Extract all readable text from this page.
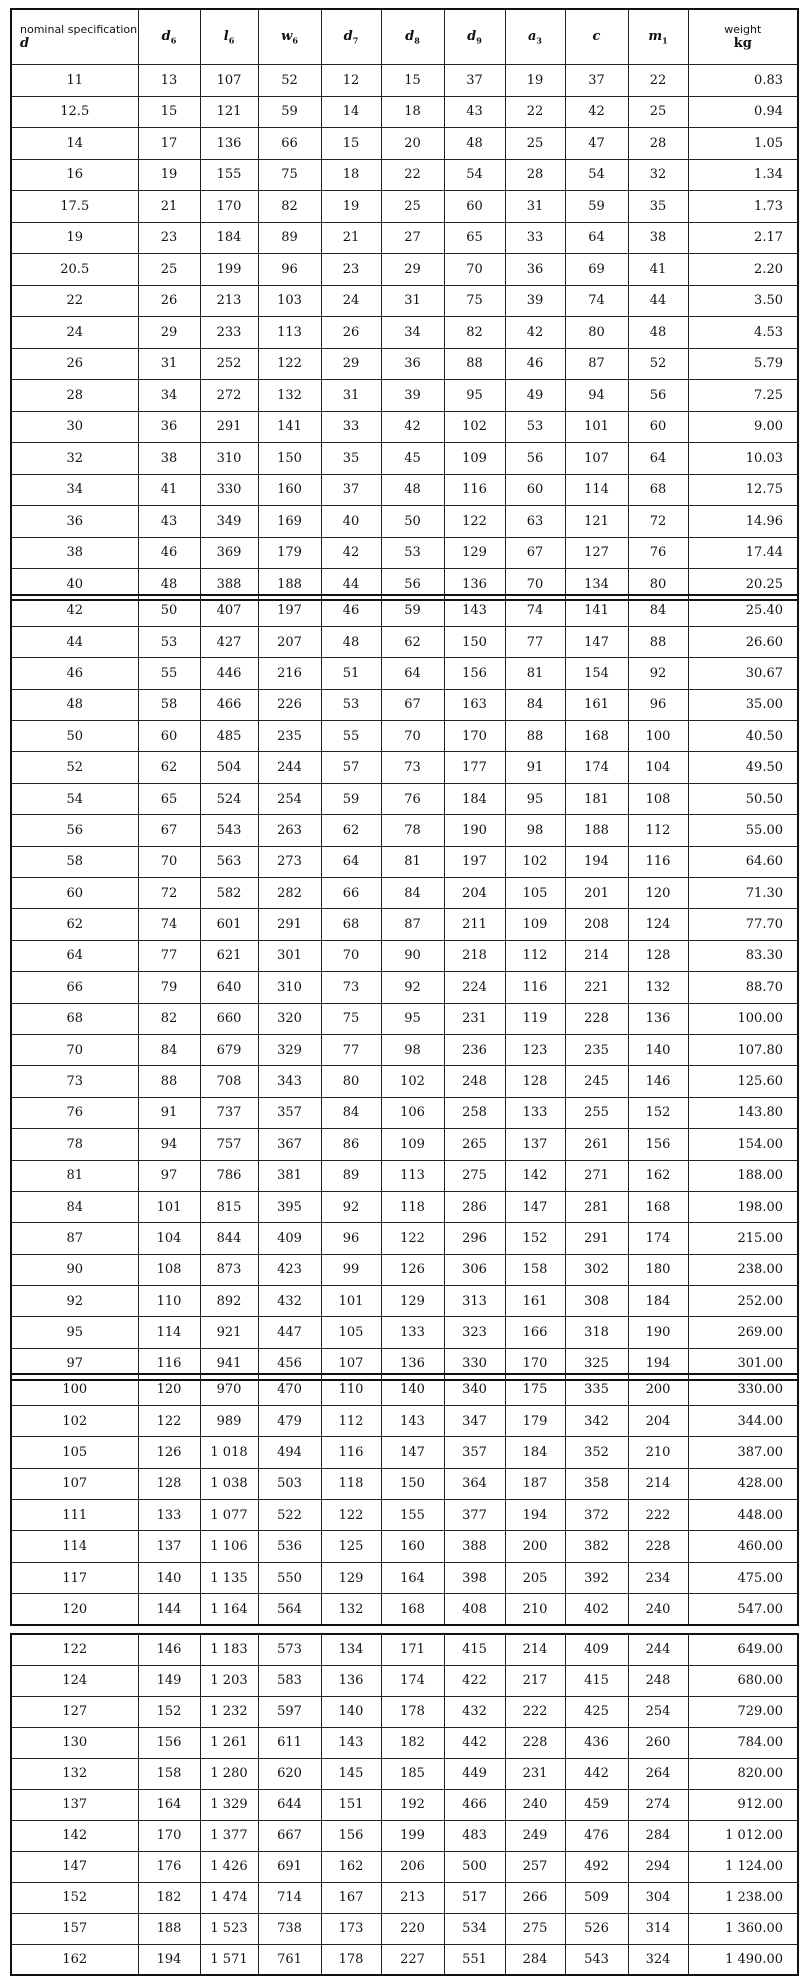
nominal specification
d	$d_6$	$l_6$	$w_6$	$d_7$	$d_8$	$d_9$	$a_3$	c	$m_1$	weight
kg

11	13	107	52	12	15	37	19	37	22	0.83
12.5	15	121	59	14	18	43	22	42	25	0.94
14	17	136	66	15	20	48	25	47	28	1.05
16	19	155	75	18	22	54	28	54	32	1.34
17.5	21	170	82	19	25	60	31	59	35	1.73
19	23	184	89	21	27	65	33	64	38	2.17
20.5	25	199	96	23	29	70	36	69	41	2.20
22	26	213	103	24	31	75	39	74	44	3.50
24	29	233	113	26	34	82	42	80	48	4.53
26	31	252	122	29	36	88	46	87	52	5.79
28	34	272	132	31	39	95	49	94	56	7.25
30	36	291	141	33	42	102	53	101	60	9.00
32	38	310	150	35	45	109	56	107	64	10.03
34	41	330	160	37	48	116	60	114	68	12.75
36	43	349	169	40	50	122	63	121	72	14.96
38	46	369	179	42	53	129	67	127	76	17.44
40	48	388	188	44	56	136	70	134	80	20.25
42	50	407	197	46	59	143	74	141	84	25.40
44	53	427	207	48	62	150	77	147	88	26.60
46	55	446	216	51	64	156	81	154	92	30.67
48	58	466	226	53	67	163	84	161	96	35.00
50	60	485	235	55	70	170	88	168	100	40.50
52	62	504	244	57	73	177	91	174	104	49.50
54	65	524	254	59	76	184	95	181	108	50.50
56	67	543	263	62	78	190	98	188	112	55.00
58	70	563	273	64	81	197	102	194	116	64.60
60	72	582	282	66	84	204	105	201	120	71.30
62	74	601	291	68	87	211	109	208	124	77.70
64	77	621	301	70	90	218	112	214	128	83.30
66	79	640	310	73	92	224	116	221	132	88.70
68	82	660	320	75	95	231	119	228	136	100.00
70	84	679	329	77	98	236	123	235	140	107.80
73	88	708	343	80	102	248	128	245	146	125.60
76	91	737	357	84	106	258	133	255	152	143.80
78	94	757	367	86	109	265	137	261	156	154.00
81	97	786	381	89	113	275	142	271	162	188.00
84	101	815	395	92	118	286	147	281	168	198.00
87	104	844	409	96	122	296	152	291	174	215.00
90	108	873	423	99	126	306	158	302	180	238.00
92	110	892	432	101	129	313	161	308	184	252.00
95	114	921	447	105	133	323	166	318	190	269.00
97	116	941	456	107	136	330	170	325	194	301.00
100	120	970	470	110	140	340	175	335	200	330.00
102	122	989	479	112	143	347	179	342	204	344.00
105	126	1 018	494	116	147	357	184	352	210	387.00
107	128	1 038	503	118	150	364	187	358	214	428.00
111	133	1 077	522	122	155	377	194	372	222	448.00
114	137	1 106	536	125	160	388	200	382	228	460.00
117	140	1 135	550	129	164	398	205	392	234	475.00
120	144	1 164	564	132	168	408	210	402	240	547.00
122	146	1 183	573	134	171	415	214	409	244	649.00
124	149	1 203	583	136	174	422	217	415	248	680.00
127	152	1 232	597	140	178	432	222	425	254	729.00
130	156	1 261	611	143	182	442	228	436	260	784.00
132	158	1 280	620	145	185	449	231	442	264	820.00
137	164	1 329	644	151	192	466	240	459	274	912.00
142	170	1 377	667	156	199	483	249	476	284	1 012.00
147	176	1 426	691	162	206	500	257	492	294	1 124.00
152	182	1 474	714	167	213	517	266	509	304	1 238.00
157	188	1 523	738	173	220	534	275	526	314	1 360.00
162	194	1 571	761	178	227	551	284	543	324	1 490.00
